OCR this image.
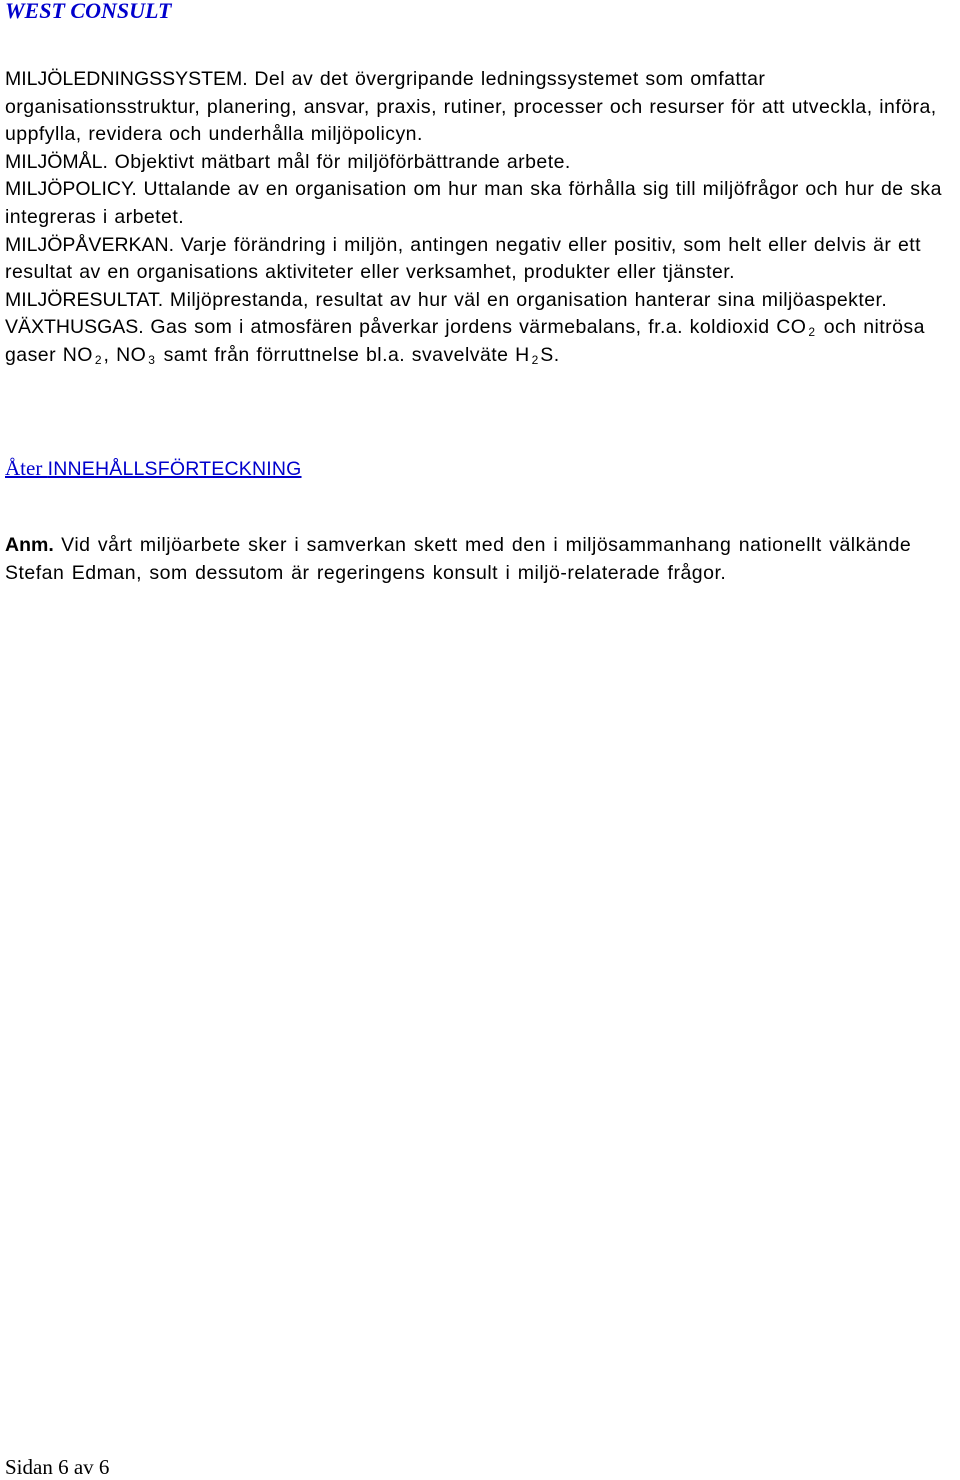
WEST CONSULT

MILJÖLEDNINGSSYSTEM. Del av det övergripande ledningssystemet som omfattar organisationsstruktur, planering, ansvar, praxis, rutiner, processer och resurser för att utveckla, införa, uppfylla, revidera och underhålla miljöpolicyn.

MILJÖMÅL. Objektivt mätbart mål för miljöförbättrande arbete.

MILJÖPOLICY. Uttalande av en organisation om hur man ska förhålla sig till miljöfrågor och hur de ska integreras i arbetet.

MILJÖPÅVERKAN. Varje förändring i miljön, antingen negativ eller positiv, som helt eller delvis är ett resultat av en organisations aktiviteter eller verksamhet, produkter eller tjänster.

MILJÖRESULTAT. Miljöprestanda, resultat av hur väl en organisation hanterar sina miljöaspekter.

VÄXTHUSGAS. Gas som i atmosfären påverkar jordens värmebalans, fr.a. koldioxid CO $_2$ och nitrösa gaser NO $_2$ , NO $_3$ samt från förruttnelse bl.a. svavelväte H $_2$ S.

Åter INNEHÅLLSFÖRTECKNING

Anm. Vid vårt miljöarbete sker i samverkan skett med den i miljösammanhang nationellt välkände Stefan Edman, som dessutom är regeringens konsult i miljö-relaterade frågor.

Sidan 6 av 6
